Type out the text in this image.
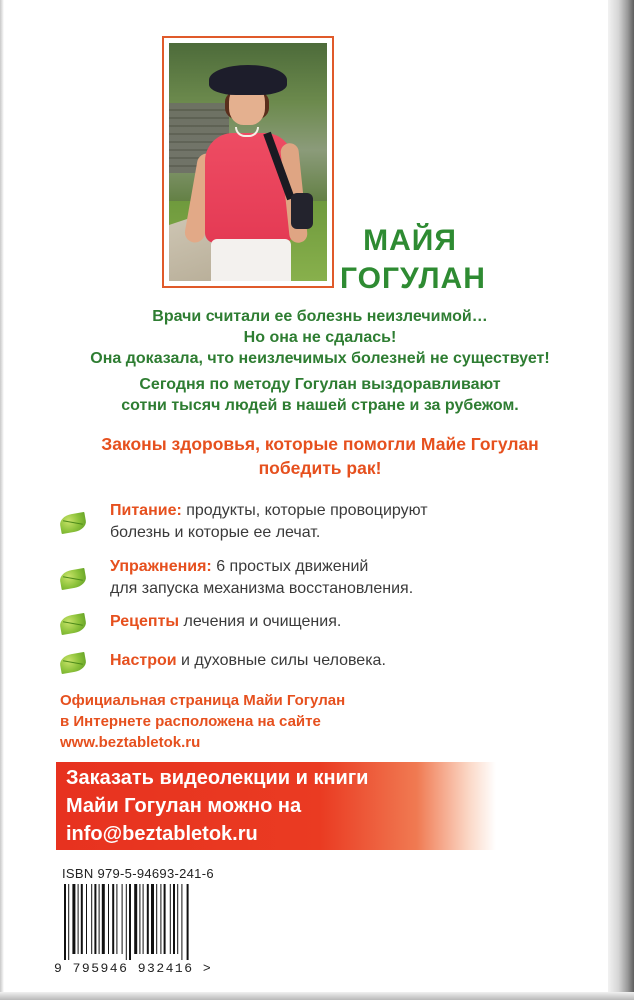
МАЙЯ
ГОГУЛАН
Врачи считали ее болезнь неизлечимой…
Но она не сдалась!
Она доказала, что неизлечимых болезней не существует!
Сегодня по методу Гогулан выздоравливают
сотни тысяч людей в нашей стране и за рубежом.
Законы здоровья, которые помогли Майе Гогулан
победить рак!
Питание: продукты, которые провоцируют
болезнь и которые ее лечат.
Упражнения: 6 простых движений
для запуска механизма восстановления.
Рецепты лечения и очищения.
Настрои и духовные силы человека.
Официальная страница Майи Гогулан
в Интернете расположена на сайте
www.beztabletok.ru
Заказать видеолекции и книги
Майи Гогулан можно на
info@beztabletok.ru
ISBN 979-5-94693-241-6
9 795946 932416 >
